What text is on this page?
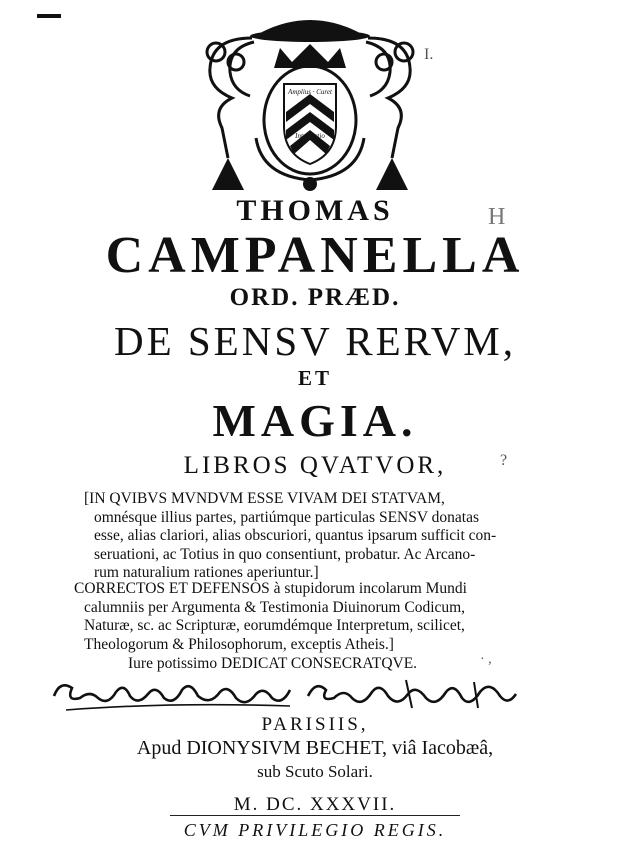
Amplius · Curet
Intus · ctio
THOMAS
CAMPANELLA
ORD. PRÆD.
DE SENSV RERVM,
ET
MAGIA.
LIBROS QVATVOR,
[IN QVIBVS MVNDVM ESSE VIVAM DEI STATVAM,
omnésque illius partes, partiúmque particulas SENSV donatas
esse, alias clariori, alias obscuriori, quantus ipsarum sufficit con-
seruationi, ac Totius in quo consentiunt, probatur. Ac Arcano-
rum naturalium rationes aperiuntur.]
CORRECTOS ET DEFENSOS à stupidorum incolarum Mundi
calumniis per Argumenta & Testimonia Diuinorum Codicum,
Naturæ, sc. ac Scripturæ, eorumdémque Interpretum, scilicet,
Theologorum & Philosophorum, exceptis Atheis.]
Iure potissimo DEDICAT CONSECRATQVE.
PARISIIS,
Apud DIONYSIVM BECHET, viâ Iacobæâ,
sub Scuto Solari.
M. DC. XXXVII.
CVM PRIVILEGIO REGIS.
I.
H
?
· ,
